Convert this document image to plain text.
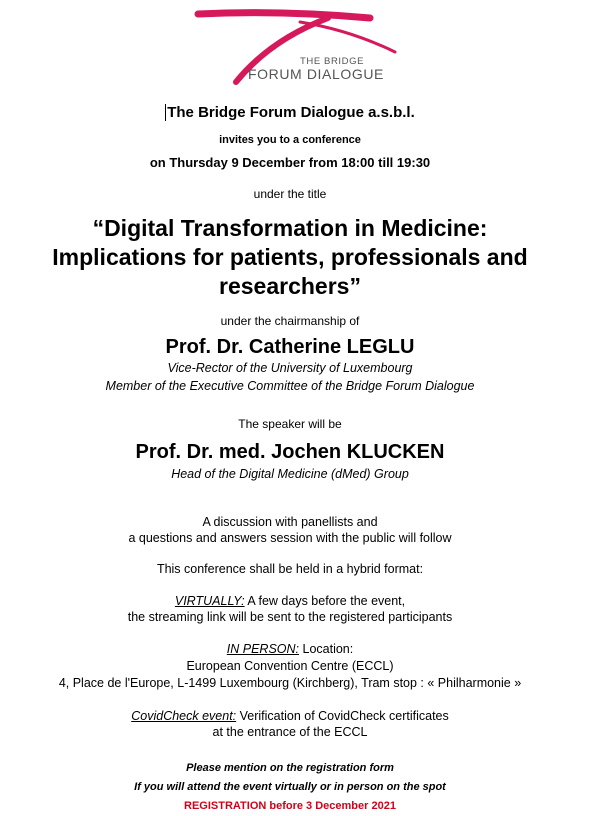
THE BRIDGE
FORUM DIALOGUE
The Bridge Forum Dialogue a.s.b.l.
invites you to a conference
on Thursday 9 December from 18:00 till 19:30
under the title
“Digital Transformation in Medicine:
Implications for patients, professionals and
researchers”
under the chairmanship of
Prof. Dr. Catherine LEGLU
Vice-Rector of the University of Luxembourg
Member of the Executive Committee of the Bridge Forum Dialogue
The speaker will be
Prof. Dr. med. Jochen KLUCKEN
Head of the Digital Medicine (dMed) Group
A discussion with panellists and
a questions and answers session with the public will follow
This conference shall be held in a hybrid format:
VIRTUALLY: A few days before the event,
the streaming link will be sent to the registered participants
IN PERSON: Location:
European Convention Centre (ECCL)
4, Place de l'Europe, L-1499 Luxembourg (Kirchberg), Tram stop : « Philharmonie »
CovidCheck event: Verification of CovidCheck certificates
at the entrance of the ECCL
Please mention on the registration form
If you will attend the event virtually or in person on the spot
REGISTRATION before 3 December 2021
